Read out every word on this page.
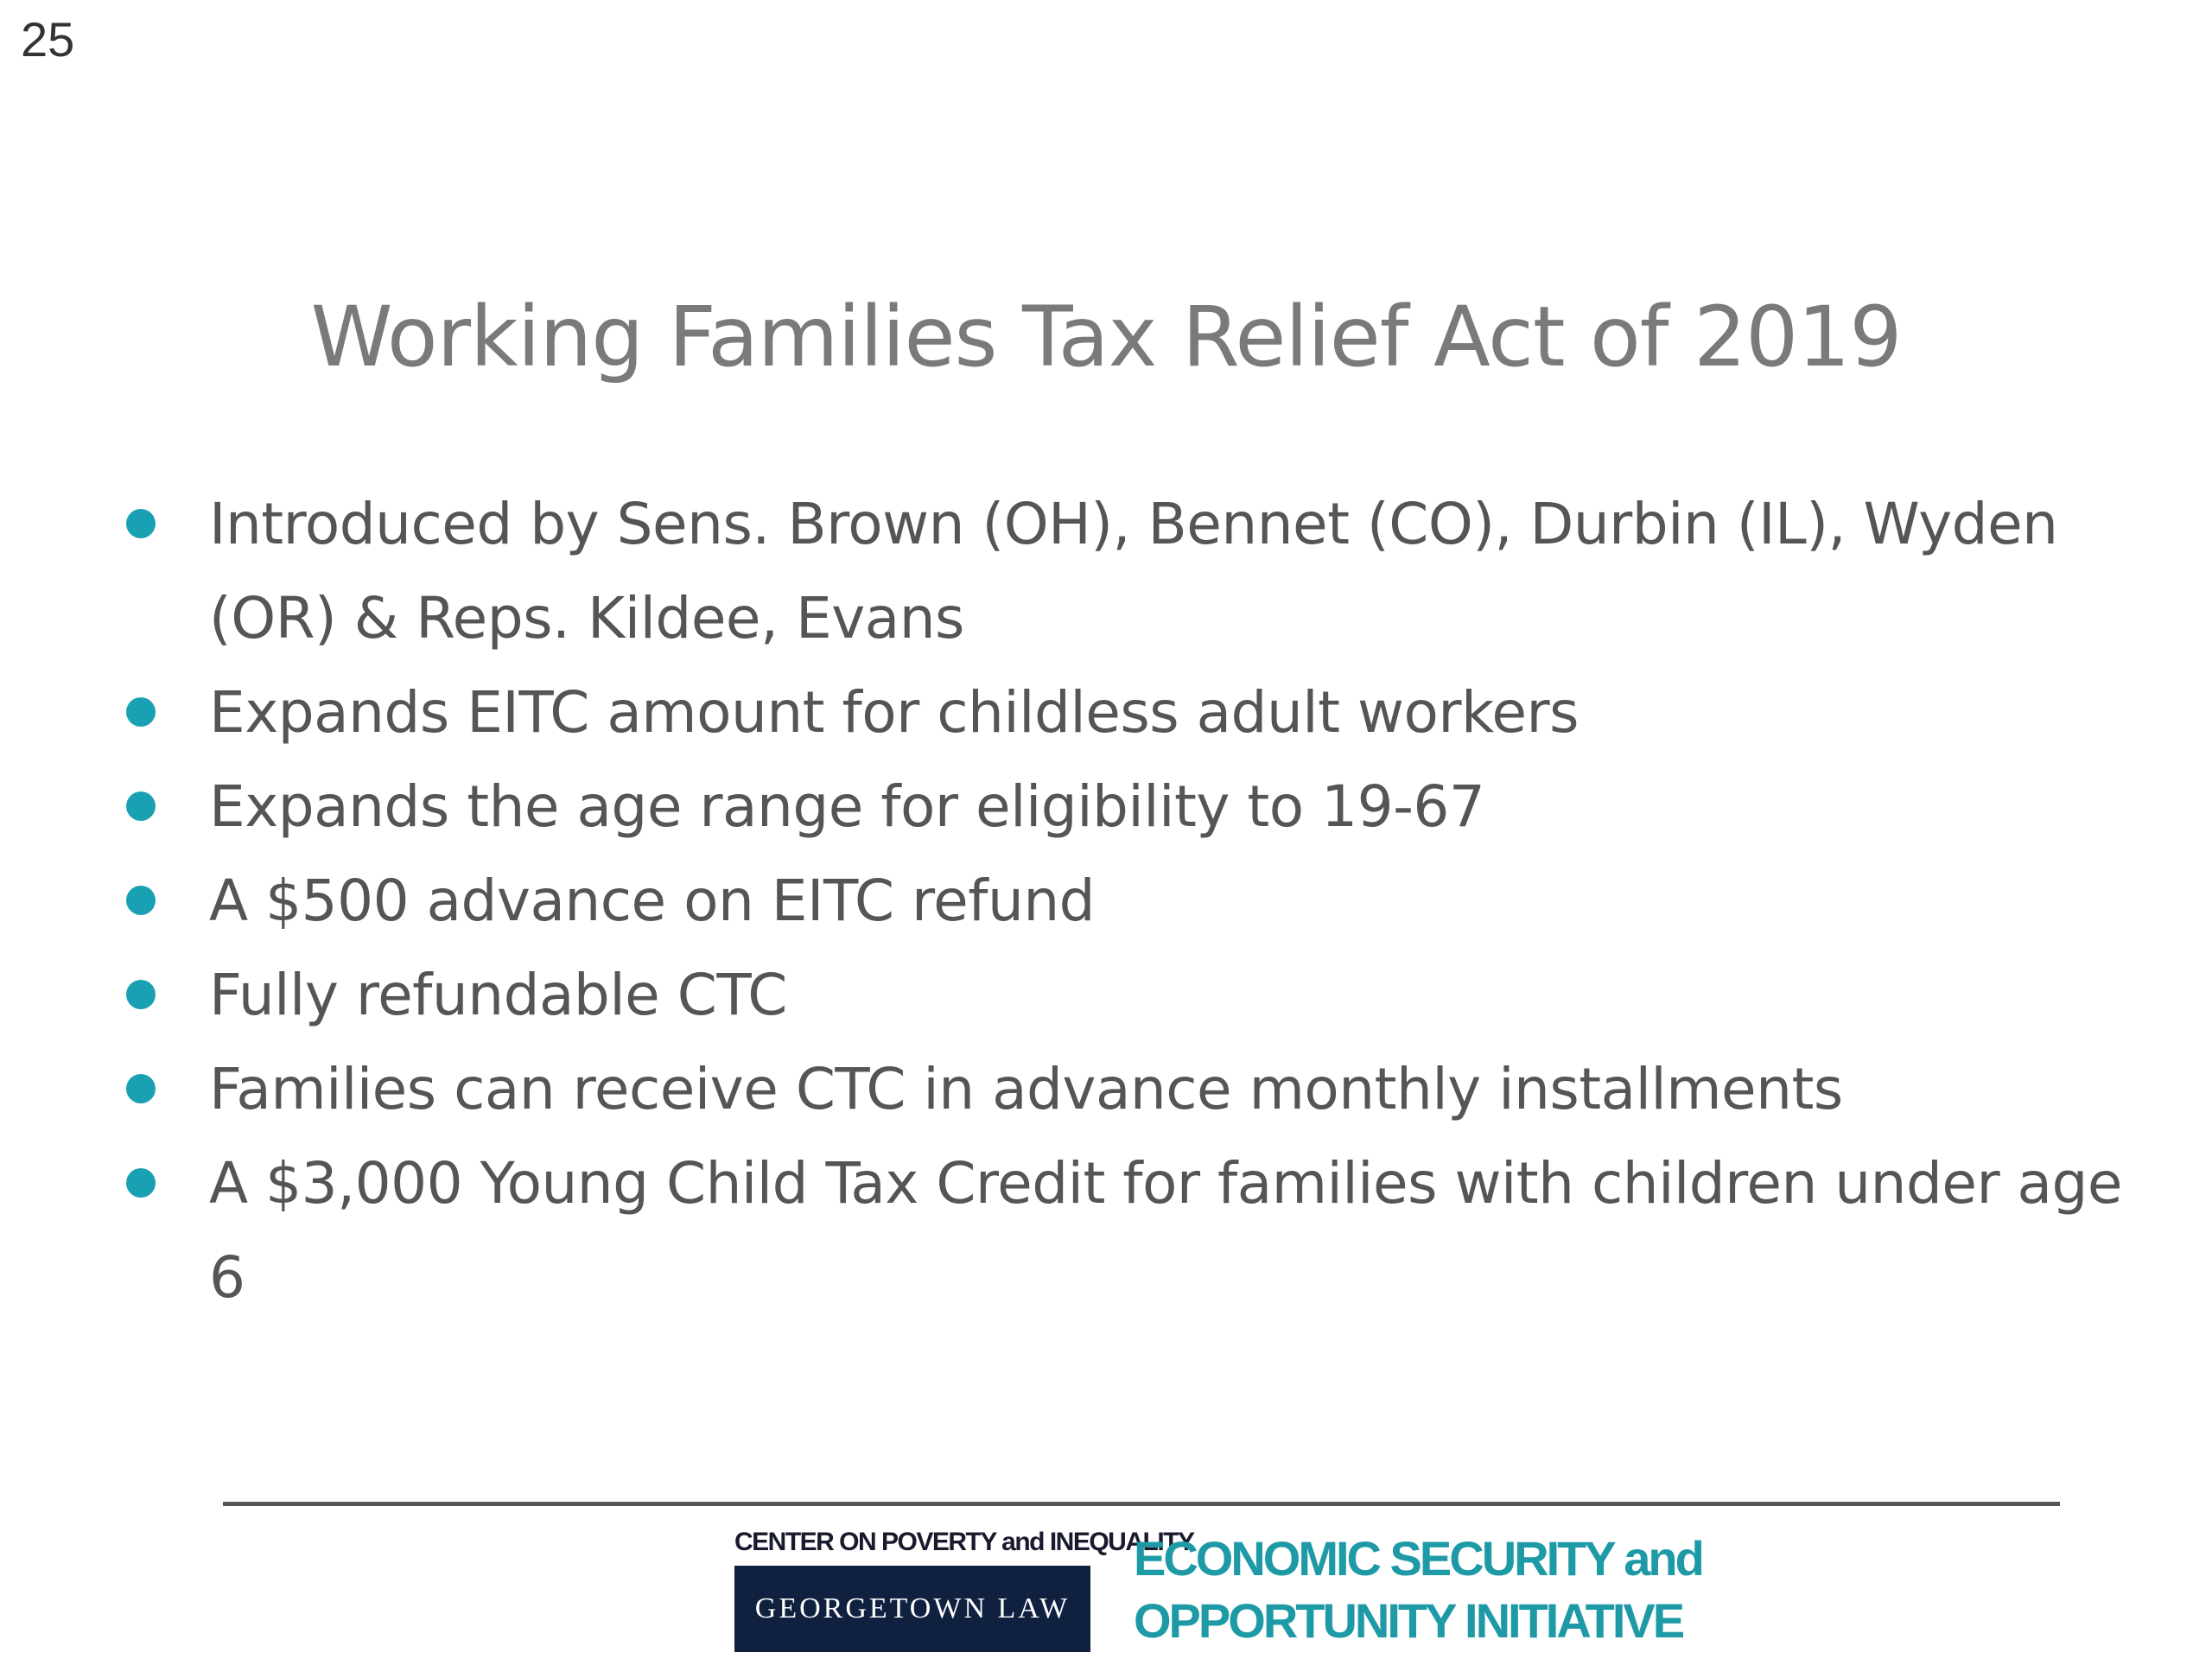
25
Working Families Tax Relief Act of 2019
Introduced by Sens. Brown (OH), Bennet (CO), Durbin (IL), Wyden
(OR) & Reps. Kildee, Evans
Expands EITC amount for childless adult workers
Expands the age range for eligibility to 19-67
A $500 advance on EITC refund
Fully refundable CTC
Families can receive CTC in advance monthly installments
A $3,000 Young Child Tax Credit for families with children under age
6
CENTER ON POVERTY and INEQUALITY
GEORGETOWN LAW
ECONOMIC SECURITY and
OPPORTUNITY INITIATIVE
